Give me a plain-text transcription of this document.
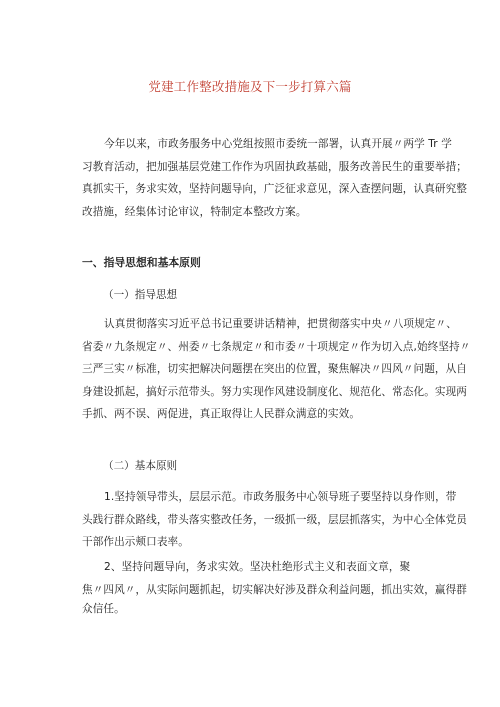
党建工作整改措施及下一步打算六篇
今年以来，市政务服务中心党组按照市委统一部署，认真开展〃两学 Tr 学
习教育活动，把加强基层党建工作作为巩固执政基础，服务改善民生的重要举措；
真抓实干，务求实效，坚持问题导向，广泛征求意见，深入查摆问题，认真研究整
改措施，经集体讨论审议，特制定本整改方案。
一、指导思想和基本原则
（一）指导思想
认真贯彻落实习近平总书记重要讲话精神，把贯彻落实中央〃八项规定〃、
省委〃九条规定〃、州委〃七条规定〃和市委〃十项规定〃作为切入点,始终坚持〃
三严三实〃标准，切实把解决问题摆在突出的位置，聚焦解决〃四风〃问题，从自
身建设抓起，搞好示范带头。努力实现作风建设制度化、规范化、常态化。实现两
手抓、两不误、两促进，真正取得让人民群众满意的实效。
（二）基本原则
1.坚持领导带头，层层示范。市政务服务中心领导班子要坚持以身作则，带
头践行群众路线，带头落实整改任务，一级抓一级，层层抓落实，为中心全体党员
干部作出示颊口表率。
2、坚持问题导向，务求实效。坚决杜绝形式主义和表面文章，聚
焦〃四风〃，从实际问题抓起，切实解决好涉及群众利益问题，抓出实效，赢得群
众信任。
